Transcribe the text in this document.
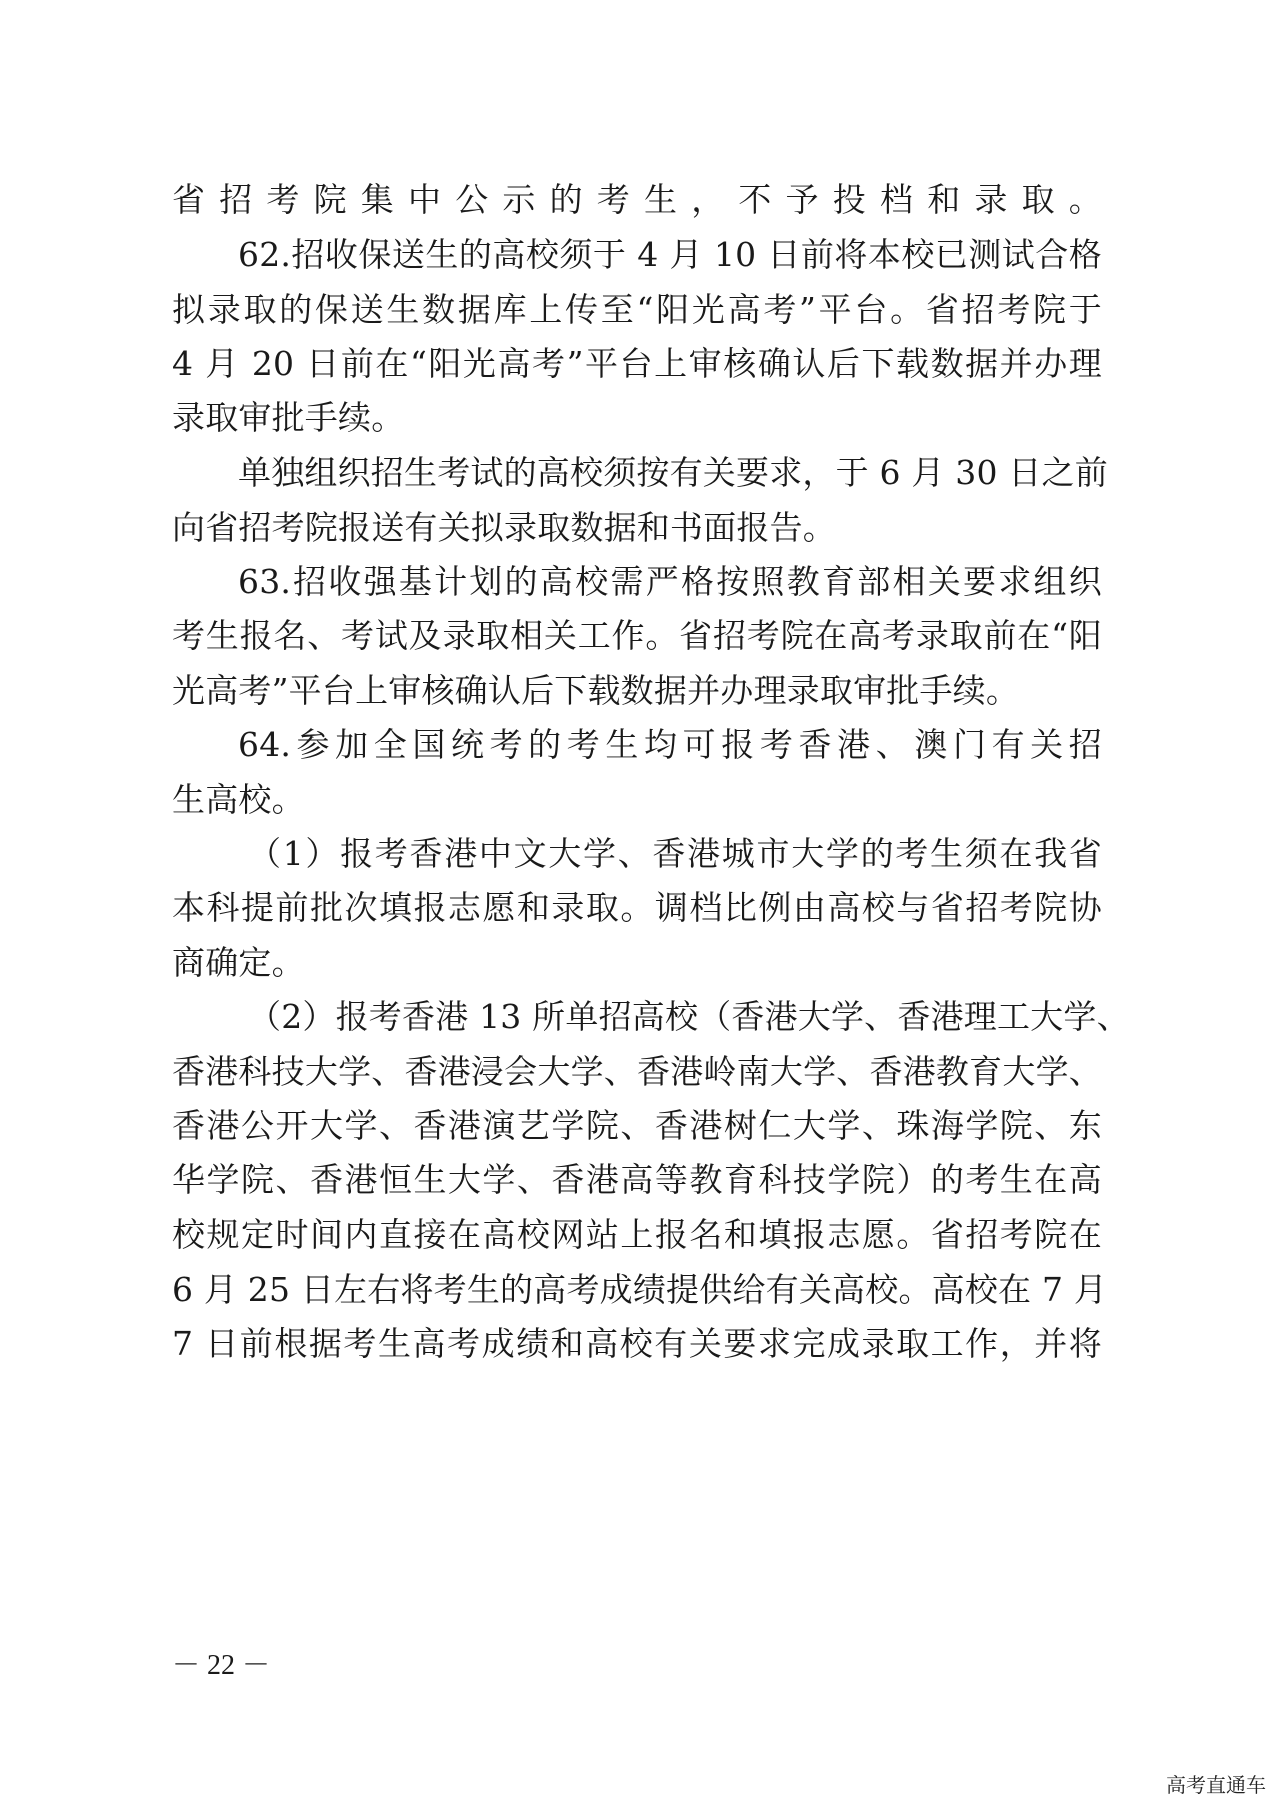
省招考院集中公示的考生，不予投档和录取。
62.招收保送生的高校须于 4 月 10 日前将本校已测试合格
拟录取的保送生数据库上传至“阳光高考”平台。省招考院于
4 月 20 日前在“阳光高考”平台上审核确认后下载数据并办理
录取审批手续。
单独组织招生考试的高校须按有关要求，于 6 月 30 日之前
向省招考院报送有关拟录取数据和书面报告。
63.招收强基计划的高校需严格按照教育部相关要求组织
考生报名、考试及录取相关工作。省招考院在高考录取前在“阳
光高考”平台上审核确认后下载数据并办理录取审批手续。
64.参加全国统考的考生均可报考香港、澳门有关招
生高校。
（1）报考香港中文大学、香港城市大学的考生须在我省
本科提前批次填报志愿和录取。调档比例由高校与省招考院协
商确定。
（2）报考香港 13 所单招高校（香港大学、香港理工大学、
香港科技大学、香港浸会大学、香港岭南大学、香港教育大学、
香港公开大学、香港演艺学院、香港树仁大学、珠海学院、东
华学院、香港恒生大学、香港高等教育科技学院）的考生在高
校规定时间内直接在高校网站上报名和填报志愿。省招考院在
6 月 25 日左右将考生的高考成绩提供给有关高校。高校在 7 月
7 日前根据考生高考成绩和高校有关要求完成录取工作，并将
－ 22 －
高考直通车
